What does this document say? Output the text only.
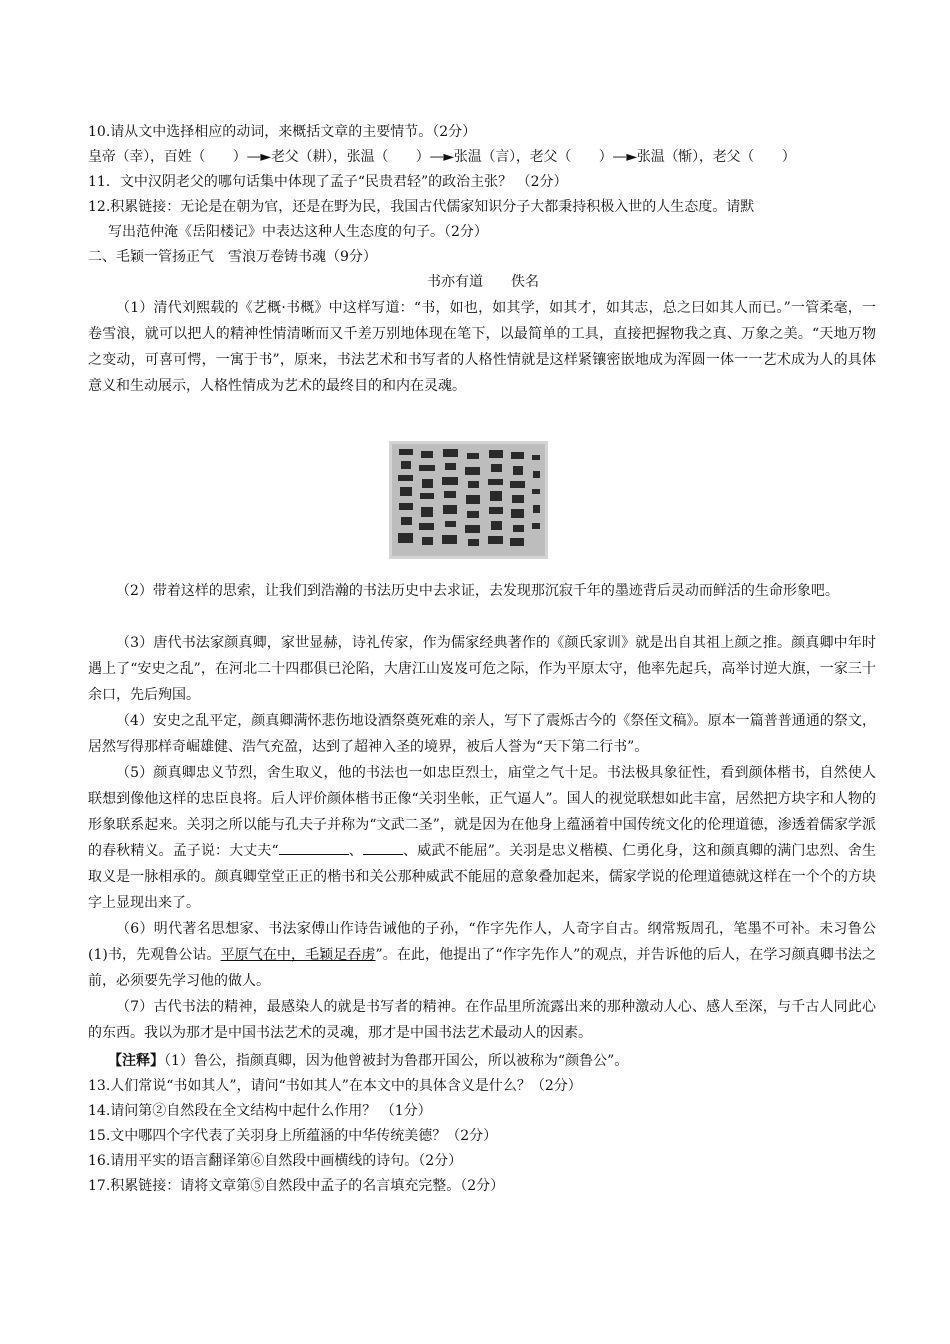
10.请从文中选择相应的动词，来概括文章的主要情节。（2分）
皇帝（幸），百姓（　　）—►老父（耕），张温（　　）—►张温（言），老父（　　）—►张温（惭），老父（　　）
11．文中汉阴老父的哪句话集中体现了孟子“民贵君轻”的政治主张？ （2分）
12.积累链接：无论是在朝为官，还是在野为民，我国古代儒家知识分子大都秉持积极入世的人生态度。请默
写出范仲淹《岳阳楼记》中表达这种人生态度的句子。（2分）
二、毛颖一管扬正气　雪浪万卷铸书魂（9分）
书亦有道 佚名
（1）清代刘熙载的《艺概·书概》中这样写道：“书，如也，如其学，如其才，如其志，总之曰如其人而已。”一管柔毫，一卷雪浪，就可以把人的精神性情清晰而又千差万别地体现在笔下，以最简单的工具，直接把握物我之真、万象之美。“天地万物之变动，可喜可愕，一寓于书”，原来，书法艺术和书写者的人格性情就是这样紧镶密嵌地成为浑圆一体一一艺术成为人的具体意义和生动展示，人格性情成为艺术的最终目的和内在灵魂。
（2）带着这样的思索，让我们到浩瀚的书法历史中去求证，去发现那沉寂千年的墨迹背后灵动而鲜活的生命形象吧。
（3）唐代书法家颜真卿，家世显赫，诗礼传家，作为儒家经典著作的《颜氏家训》就是出自其祖上颜之推。颜真卿中年时遇上了“安史之乱”，在河北二十四郡俱已沦陷，大唐江山岌岌可危之际，作为平原太守，他率先起兵，高举讨逆大旗，一家三十余口，先后殉国。
（4）安史之乱平定，颜真卿满怀悲伤地设酒祭奠死难的亲人，写下了震烁古今的《祭侄文稿》。原本一篇普普通通的祭文，居然写得那样奇崛雄健、浩气充盈，达到了超神入圣的境界，被后人誉为“天下第二行书”。
（5）颜真卿忠义节烈，舍生取义，他的书法也一如忠臣烈士，庙堂之气十足。书法极具象征性，看到颜体楷书，自然使人联想到像他这样的忠臣良将。后人评价颜体楷书正像“关羽坐帐，正气逼人”。国人的视觉联想如此丰富，居然把方块字和人物的形象联系起来。关羽之所以能与孔夫子并称为“文武二圣”，就是因为在他身上蕴涵着中国传统文化的伦理道德，渗透着儒家学派的春秋精义。孟子说：大丈夫“	、	、威武不能屈”。关羽是忠义楷模、仁勇化身，这和颜真卿的满门忠烈、舍生取义是一脉相承的。颜真卿堂堂正正的楷书和关公那种威武不能屈的意象叠加起来，儒家学说的伦理道德就这样在一个个的方块字上显现出来了。
（6）明代著名思想家、书法家傅山作诗告诫他的子孙，“作字先作人，人奇字自古。纲常叛周孔，笔墨不可补。未习鲁公(1)书，先观鲁公诂。平原气在中，毛颖足吞虏”。在此，他提出了“作字先作人”的观点，并告诉他的后人，在学习颜真卿书法之前，必须要先学习他的做人。
（7）古代书法的精神，最感染人的就是书写者的精神。在作品里所流露出来的那种激动人心、感人至深，与千古人同此心的东西。我以为那才是中国书法艺术的灵魂，那才是中国书法艺术最动人的因素。
【注释】（1）鲁公，指颜真卿，因为他曾被封为鲁郡开国公，所以被称为“颜鲁公”。
13.人们常说“书如其人”，请问“书如其人”在本文中的具体含义是什么？（2分）
14.请问第②自然段在全文结构中起什么作用？ （1分）
15.文中哪四个字代表了关羽身上所蕴涵的中华传统美德？（2分）
16.请用平实的语言翻译第⑥自然段中画横线的诗句。（2分）
17.积累链接：请将文章第⑤自然段中孟子的名言填充完整。（2分）
